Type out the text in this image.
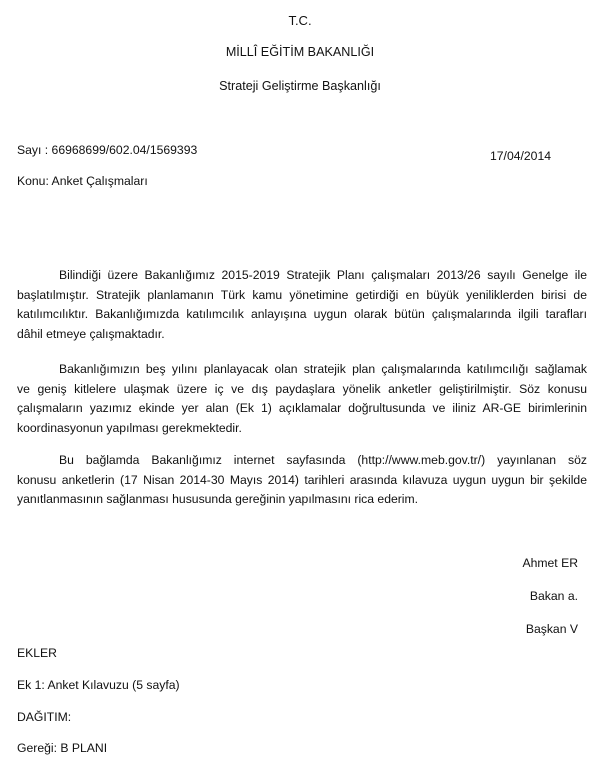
T.C.
MİLLÎ EĞİTİM BAKANLIĞI
Strateji Geliştirme Başkanlığı
Sayı : 66968699/602.04/1569393	17/04/2014
Konu: Anket Çalışmaları
Bilindiği üzere Bakanlığımız 2015-2019 Stratejik Planı çalışmaları 2013/26 sayılı Genelge ile
başlatılmıştır. Stratejik planlamanın Türk kamu yönetimine getirdiği en büyük yeniliklerden birisi de
katılımcılıktır. Bakanlığımızda katılımcılık anlayışına uygun olarak bütün çalışmalarında ilgili tarafları
dâhil etmeye çalışmaktadır.
Bakanlığımızın beş yılını planlayacak olan stratejik plan çalışmalarında katılımcılığı sağlamak
ve geniş kitlelere ulaşmak üzere iç ve dış paydaşlara yönelik anketler geliştirilmiştir. Söz konusu
çalışmaların yazımız ekinde yer alan (Ek 1) açıklamalar doğrultusunda ve iliniz AR-GE birimlerinin
koordinasyonun yapılması gerekmektedir.
Bu bağlamda Bakanlığımız internet sayfasında (http://www.meb.gov.tr/) yayınlanan söz
konusu anketlerin (17 Nisan 2014-30 Mayıs 2014) tarihleri arasında kılavuza uygun uygun bir şekilde
yanıtlanmasının sağlanması hususunda gereğinin yapılmasını rica ederim.
Ahmet ER
Bakan a.
Başkan V
EKLER
Ek 1: Anket Kılavuzu (5 sayfa)
DAĞITIM:
Gereği: B PLANI
